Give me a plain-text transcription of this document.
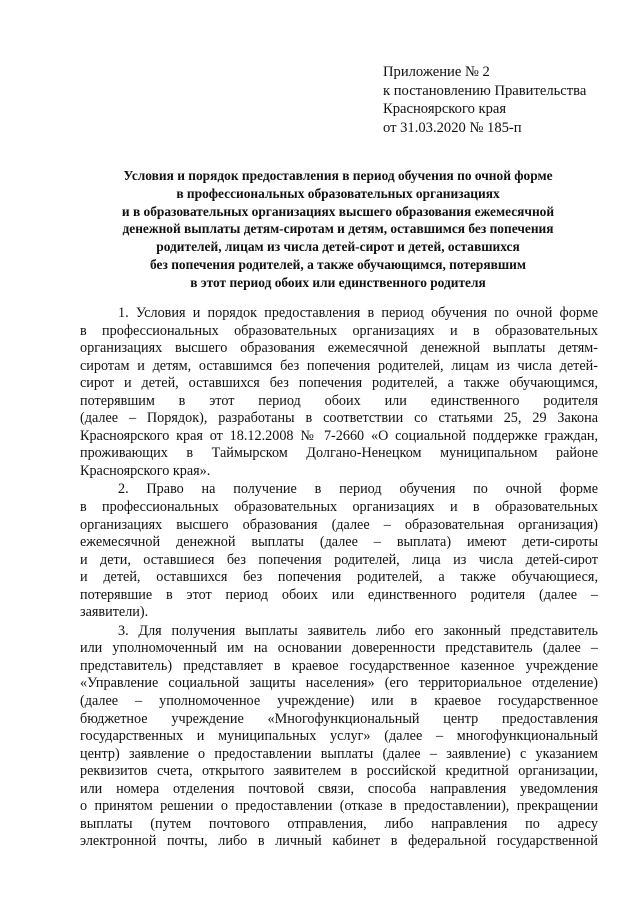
Приложение № 2
к постановлению Правительства
Красноярского края
от 31.03.2020 № 185-п
Условия и порядок предоставления в период обучения по очной форме
в профессиональных образовательных организациях
и в образовательных организациях высшего образования ежемесячной
денежной выплаты детям-сиротам и детям, оставшимся без попечения
родителей, лицам из числа детей-сирот и детей, оставшихся
без попечения родителей, а также обучающимся, потерявшим
в этот период обоих или единственного родителя
1. Условия и порядок предоставления в период обучения по очной форме
в профессиональных образовательных организациях и в образовательных
организациях высшего образования ежемесячной денежной выплаты детям-
сиротам и детям, оставшимся без попечения родителей, лицам из числа детей-
сирот и детей, оставшихся без попечения родителей, а также обучающимся,
потерявшим в этот период обоих или единственного родителя
(далее – Порядок), разработаны в соответствии со статьями 25, 29 Закона
Красноярского края от 18.12.2008 № 7-2660 «О социальной поддержке граждан,
проживающих в Таймырском Долгано-Ненецком муниципальном районе
Красноярского края».
2. Право на получение в период обучения по очной форме
в профессиональных образовательных организациях и в образовательных
организациях высшего образования (далее – образовательная организация)
ежемесячной денежной выплаты (далее – выплата) имеют дети-сироты
и дети, оставшиеся без попечения родителей, лица из числа детей-сирот
и детей, оставшихся без попечения родителей, а также обучающиеся,
потерявшие в этот период обоих или единственного родителя (далее –
заявители).
3. Для получения выплаты заявитель либо его законный представитель
или уполномоченный им на основании доверенности представитель (далее –
представитель) представляет в краевое государственное казенное учреждение
«Управление социальной защиты населения» (его территориальное отделение)
(далее – уполномоченное учреждение) или в краевое государственное
бюджетное учреждение «Многофункциональный центр предоставления
государственных и муниципальных услуг» (далее – многофункциональный
центр) заявление о предоставлении выплаты (далее – заявление) с указанием
реквизитов счета, открытого заявителем в российской кредитной организации,
или номера отделения почтовой связи, способа направления уведомления
о принятом решении о предоставлении (отказе в предоставлении), прекращении
выплаты (путем почтового отправления, либо направления по адресу
электронной почты, либо в личный кабинет в федеральной государственной
